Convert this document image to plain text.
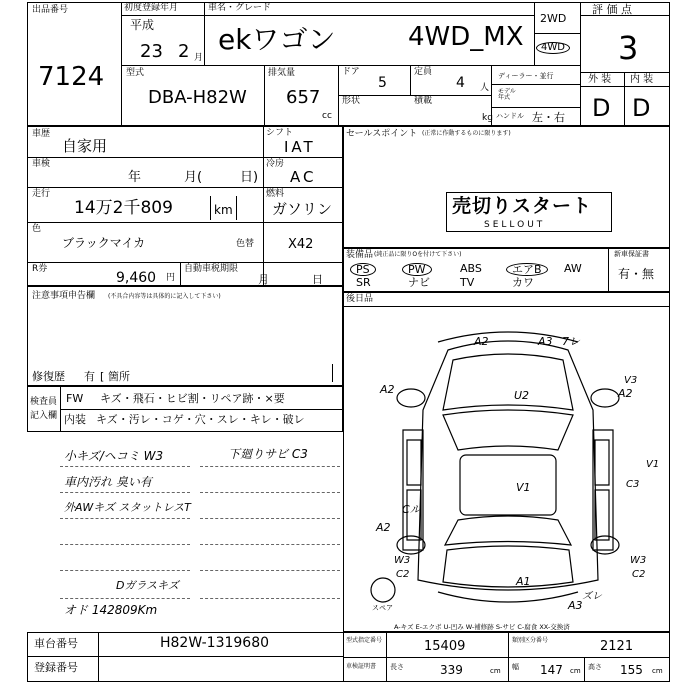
出品番号
7124
初度登録年月
平成
23 2 月
車名・グレード
ekワゴン	4WD_MX
2WD
4WD
評 価 点
3
外 装 内 装
D D
型式
DBA-H82W
排気量
657
cc
ドア
5
定員
4 人
形状	積載
kg
ディーラー・並行
モデル年式
ハンドル 左・右
車歴
自家用
シフト
IAT
車検
年	月(	日)
冷房
AC
走行
14万2千809	km
燃料
ガソリン
色
ブラックマイカ	色替	X42
R券
9,460 円
自動車税期限
月	日
注意事項申告欄 (不具合内容等は具体的に記入して下さい)
修復歴 有 [ 箇所
検査員
記入欄
FW キズ・飛石・ヒビ割・リペア跡・×要
内装 キズ・汚レ・コゲ・穴・スレ・キレ・破レ
小キズ/ヘコミ W3
車内汚れ 臭い有
外AWキズ スタットレスT
下廻りサビ C3
Dガラスキズ
オド 142809Km
セールスポイント (正常に作動するものに限ります)
売切りスタート
SELLOUT
装備品 (純正品に限りOを付けて下さい)	新車保証書
有・無
PS	PW	ABS	エアB	AW
SR	ナビ	TV	カワ
後日品
スペア
A2	A3 7レ
U2
A2	A2
V3
V1
C3
V1
A2
Cル
W3
C2
A1
A3
ズレ
W3
C2
A-キズ E-エクボ U-凹み W-補修跡 S-サビ C-腐食 XX-交換済
車台番号	H82W-1319680
登録番号
型式指定番号	15409	類別区分番号	2121
車検証明書 長さ	339	cm 幅 147 cm 高さ 155 cm
